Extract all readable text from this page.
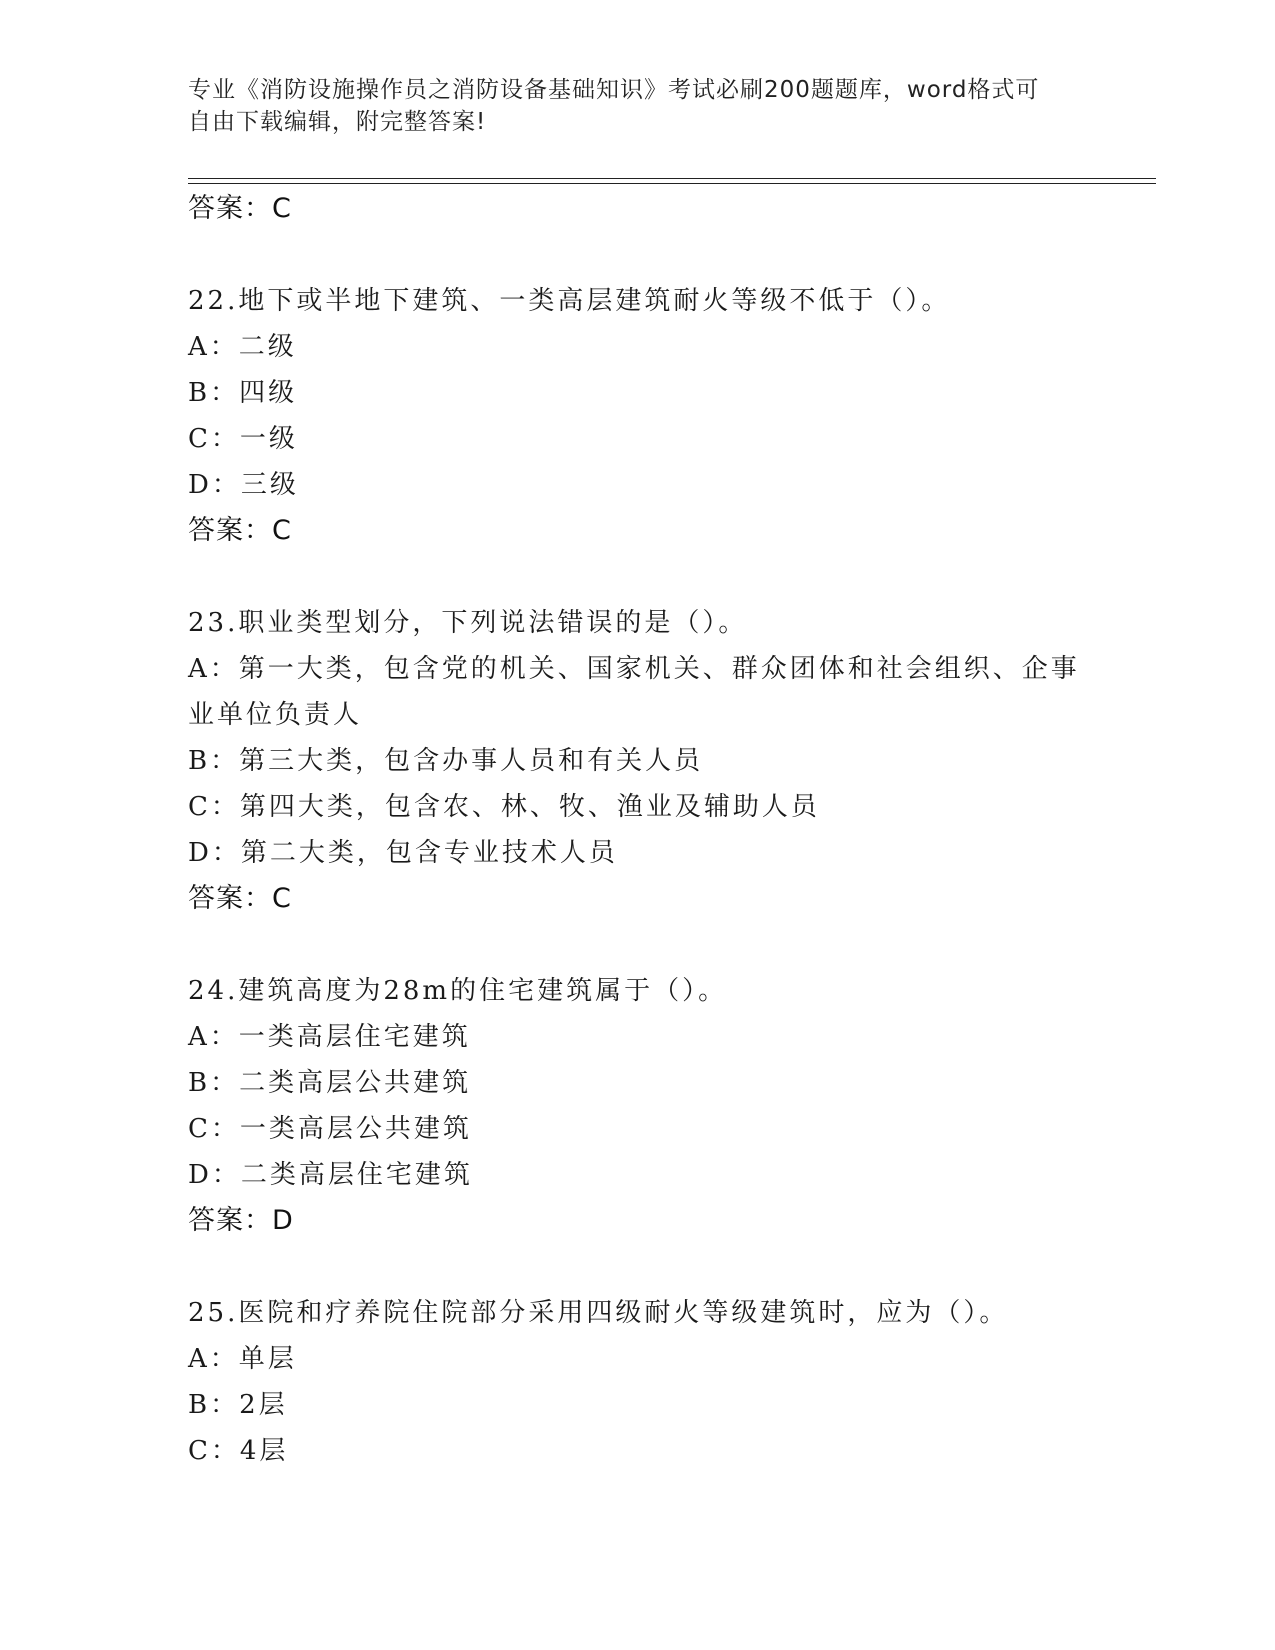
专业《消防设施操作员之消防设备基础知识》考试必刷200题题库，word格式可
自由下载编辑，附完整答案!
答案：C
22.地下或半地下建筑、一类高层建筑耐火等级不低于（）。
A：二级
B：四级
C：一级
D：三级
答案：C
23.职业类型划分，下列说法错误的是（）。
A：第一大类，包含党的机关、国家机关、群众团体和社会组织、企事
业单位负责人
B：第三大类，包含办事人员和有关人员
C：第四大类，包含农、林、牧、渔业及辅助人员
D：第二大类，包含专业技术人员
答案：C
24.建筑高度为28m的住宅建筑属于（）。
A：一类高层住宅建筑
B：二类高层公共建筑
C：一类高层公共建筑
D：二类高层住宅建筑
答案：D
25.医院和疗养院住院部分采用四级耐火等级建筑时，应为（）。
A：单层
B：2层
C：4层
